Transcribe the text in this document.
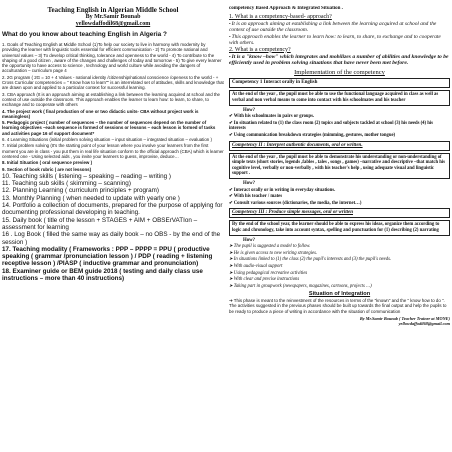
Teaching English in Algerian Middle School

By Mr.Samir Bounab

yellowdaffodil68@gmail.com

What do you know about teaching English in Algeria ?

1. Goals of Teaching English at Middle School (1)To help our society to live in harmony with modernity by providing the learner with linguistic tools essential for efficient communication - 2) To promote national and universal values – 3) To develop critical thinking, tolerance and openness to the world - 4) To contribute to the shaping of a good citizen , aware of the changes and challenges of today and tomorrow - 5) To give every learner the opportunity to have access to science , technology and world culture while avoiding the dangers of acculturation – curriculum page 4

2. 2G program ( 2G = 10 + 4 Values - national identity /citizenship/national conscience /openess to the world - + Cross Curricular competencies = " Know how to learn"" is an interrelated set of attitudes, skills and knowledge that are drawn upon and applied to a particular context for successful learning.

3. CBA approach (It is an approach aiming at establishing a link between the learning acquired at school and the context of use outside the classroom. This approach enables the learner to learn how: to learn, to share, to exchange and to cooperate with others

4. The project work ( final production of one or two didactic units- CBA without project work is meaningless)

5. Pedagogic project ( number of sequences – the number of sequences depend on the number of learning objectives –each sequence is formed of sessions or lessons – each lesson is formed of tasks and activities page 16 of support document*

6. 4 Learning Situations (initial problem solving situation – input situation – integrated situation – evaluation )

7. Initial problem solving (It's the starting point of your lesson where you involve your learners from the first moment you are in class - you put them in real life situation conform to the official approach (CBA) which is learner centered one - Using selected aids , you invite your learners to guess, improvise, deduce…

8. Initial Situation ( oral sequence preview )

9. Section of book rubric ( are not lessons)

10. Teaching skills ( listening – speaking – reading – writing )

11. Teaching sub skills ( skimming – scanning)

12. Planning Learning ( curriculum principles + program)

13. Monthly Planning ( when needed to update with yearly one )

14. Portfolio a collection of documents, prepared for the purpose of applying for documenting professional developing in teaching.

15. Daily book ( title of the lesson + STAGES + AIM + OBSErVATIon – assessment for learning

16 . Log Book ( filled the same way as daily book – no OBS - by the end of the session )

17. Teaching modality ( Frameworks : PPP – PPPP = PPU ( productive speaking ( grammar /pronunciation lesson ) / PDP ( reading + listening receptive lesson ) /PIASP ( inductive grammar and pronunciation)

18. Examiner guide or BEM guide 2018 ( testing and daily class use instructions – more than 40 instructions)

competency Based Approach & Integrated Situation .

1. What is a competency-based- approach?

•It is an approach aiming at establishing a link between the learning acquired at school and the context of use outside the classroom.

•This approach enables the learner to learn how: to learn, to share, to exchange and to cooperate with others.

2. What is a competency?

•It is a "know –how" which integrates and mobilizes a number of abilities and knowledge to be efficiently used in problem solving situations that have never been met before.

Implementation of the competency

Competency 1 Interact orally in English

At the end of the year , the pupil must be able to use the functional language acquired in class as well as verbal and non verbal means to come into contact with his schoolmates and his teacher

How?

✔With his schoolmates in pairs or groups.

✔In situation related to (1) the class room (2) topics and subjects tackled at school (3) his needs (4) his interests

✔Using communication breakdown strategies (mimming, gestures, mother tongue)

Competency II : Interpret authentic documents, oral or written.

At the end of the year , the pupil must be able to demonstrate his understanding or non-understanding of simple texts (short stories, legends ,fables , tales , songs , games) –narrative and descriptive –that match his cognitive level, verbally or non-verbally , with his teacher's help , using adequate visual and linguistic support .

How?

✔Interact orally or in writing in everyday situations.

✔With his teacher / mates

✔Consult various sources (dictionaries, the media, the internet…)

Competency III : Produce simple messages, oral or written

By the end of the school year, the learner should be able to express his ideas, organize them according to logic and chronology, take into account syntax, spelling and punctuation for (1) describing (2) narrating

How?

➤The pupil is suggested a model to follow.

➤He is given access to new writing strategies.

➤In situations linked to (1) the class (2) the pupil's interests and (3) the pupil's needs.

➤With audio-visual support

➤Using pedagogical recreative activities

➤With clear and precise instructions

➤Taking part in groupwork (newspapers, magazines, cartoons, projects …)

Situation of Integration

➔This phase is meant to the reinvestment of the resources in terms of the "known" and the " know how to do ". The activities suggested in the previous phases should be built up towards the final output and help the pupils to be ready to produce a piece of writing in accordance with the situation of communication

By Mr.Samir Bounab ( Teacher Trainer at MONE)

yellowdaffodil68@gmail.com
